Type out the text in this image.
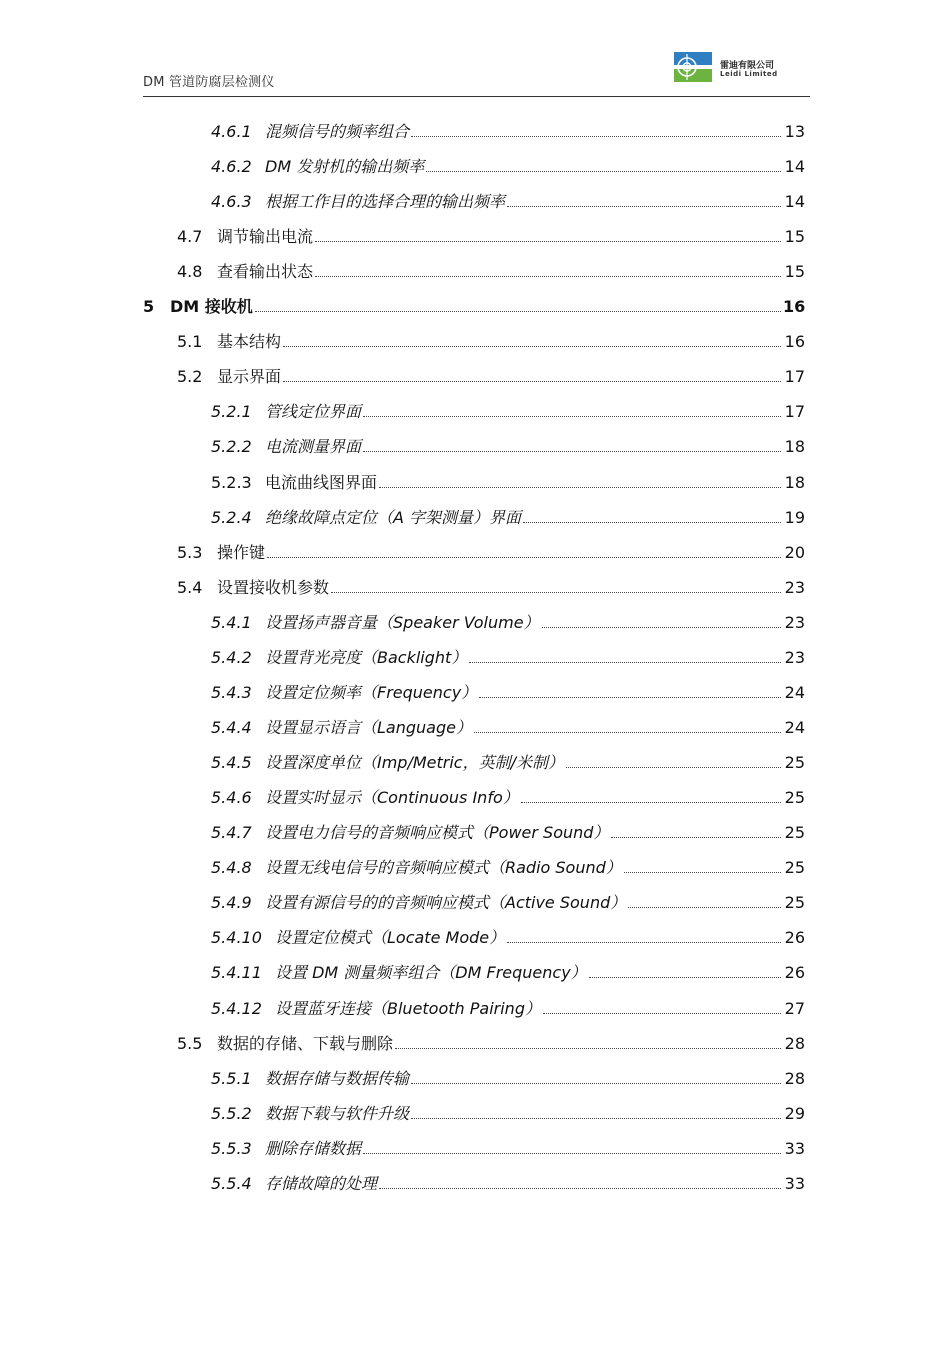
DM 管道防腐层检测仪
雷迪有限公司
Leidi Limited
4.6.1 混频信号的频率组合	13
4.6.2 DM 发射机的输出频率	14
4.6.3 根据工作目的选择合理的输出频率	14
4.7 调节输出电流	15
4.8 查看输出状态	15
5 DM 接收机	16
5.1 基本结构	16
5.2 显示界面	17
5.2.1 管线定位界面	17
5.2.2 电流测量界面	18
5.2.3 电流曲线图界面	18
5.2.4 绝缘故障点定位（A 字架测量）界面	19
5.3 操作键	20
5.4 设置接收机参数	23
5.4.1 设置扬声器音量（Speaker Volume）	23
5.4.2 设置背光亮度（Backlight）	23
5.4.3 设置定位频率（Frequency）	24
5.4.4 设置显示语言（Language）	24
5.4.5 设置深度单位（Imp/Metric，英制/米制）	25
5.4.6 设置实时显示（Continuous Info）	25
5.4.7 设置电力信号的音频响应模式（Power Sound）	25
5.4.8 设置无线电信号的音频响应模式（Radio Sound）	25
5.4.9 设置有源信号的的音频响应模式（Active Sound）	25
5.4.10 设置定位模式（Locate Mode）	26
5.4.11 设置 DM 测量频率组合（DM Frequency）	26
5.4.12 设置蓝牙连接（Bluetooth Pairing）	27
5.5 数据的存储、下载与删除	28
5.5.1 数据存储与数据传输	28
5.5.2 数据下载与软件升级	29
5.5.3 删除存储数据	33
5.5.4 存储故障的处理	33
